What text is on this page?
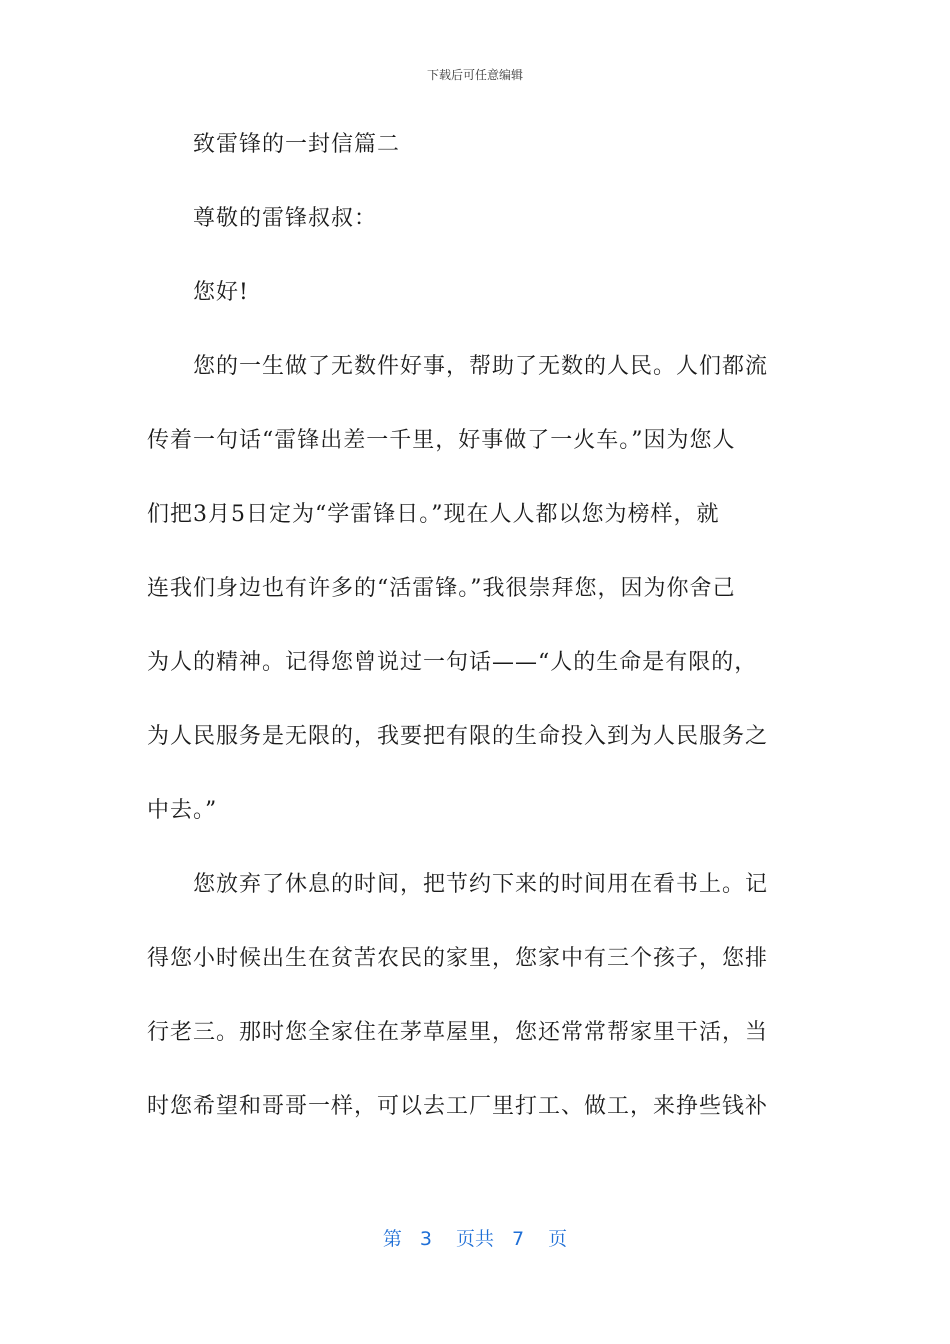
下载后可任意编辑
致雷锋的一封信篇二
尊敬的雷锋叔叔：
您好!
您的一生做了无数件好事，帮助了无数的人民。人们都流
传着一句话“雷锋出差一千里，好事做了一火车。”因为您人
们把3月5日定为“学雷锋日。”现在人人都以您为榜样，就
连我们身边也有许多的“活雷锋。”我很崇拜您，因为你舍己
为人的精神。记得您曾说过一句话——“人的生命是有限的，
为人民服务是无限的，我要把有限的生命投入到为人民服务之
中去。”
您放弃了休息的时间，把节约下来的时间用在看书上。记
得您小时候出生在贫苦农民的家里，您家中有三个孩子，您排
行老三。那时您全家住在茅草屋里，您还常常帮家里干活，当
时您希望和哥哥一样，可以去工厂里打工、做工，来挣些钱补
第 3 页共 7 页
